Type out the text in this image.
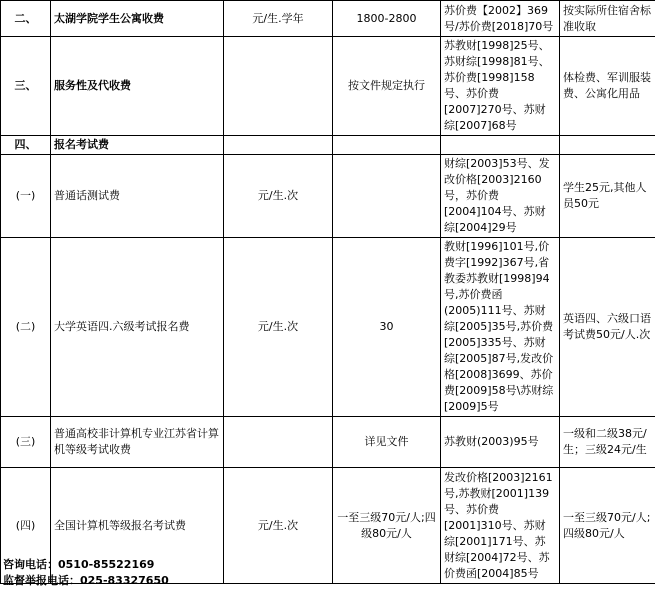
二、	太湖学院学生公寓收费	元/生.学年	1800-2800	苏价费【2002】369号/苏价费[2018]70号	按实际所住宿舍标准收取
三、	服务性及代收费		按文件规定执行	苏教财[1998]25号、苏财综[1998]81号、苏价费[1998]158号、苏价费[2007]270号、苏财综[2007]68号	体检费、军训服装费、公寓化用品
四、	报名考试费				
(一)	普通话测试费	元/生.次		财综[2003]53号、发改价格[2003]2160号，苏价费[2004]104号、苏财综[2004]29号	学生25元,其他人员50元
(二)	大学英语四.六级考试报名费	元/生.次	30	教财[1996]101号,价费字[1992]367号,省教委苏教财[1998]94号,苏价费函(2005)111号、苏财综[2005]35号,苏价费[2005]335号、苏财综[2005]87号,发改价格[2008]3699、苏价费[2009]58号\苏财综[2009]5号	英语四、六级口语考试费50元/人.次
(三)	普通高校非计算机专业江苏省计算机等级考试收费		详见文件	苏教财(2003)95号	一级和二级38元/生；三级24元/生
(四)	全国计算机等级报名考试费	元/生.次	一至三级70元/人;四级80元/人	发改价格[2003]2161号,苏教财[2001]139号、苏价费[2001]310号、苏财综[2001]171号、苏财综[2004]72号、苏价费函[2004]85号	一至三级70元/人;四级80元/人
咨询电话：0510-85522169
监督举报电话：025-83327650
